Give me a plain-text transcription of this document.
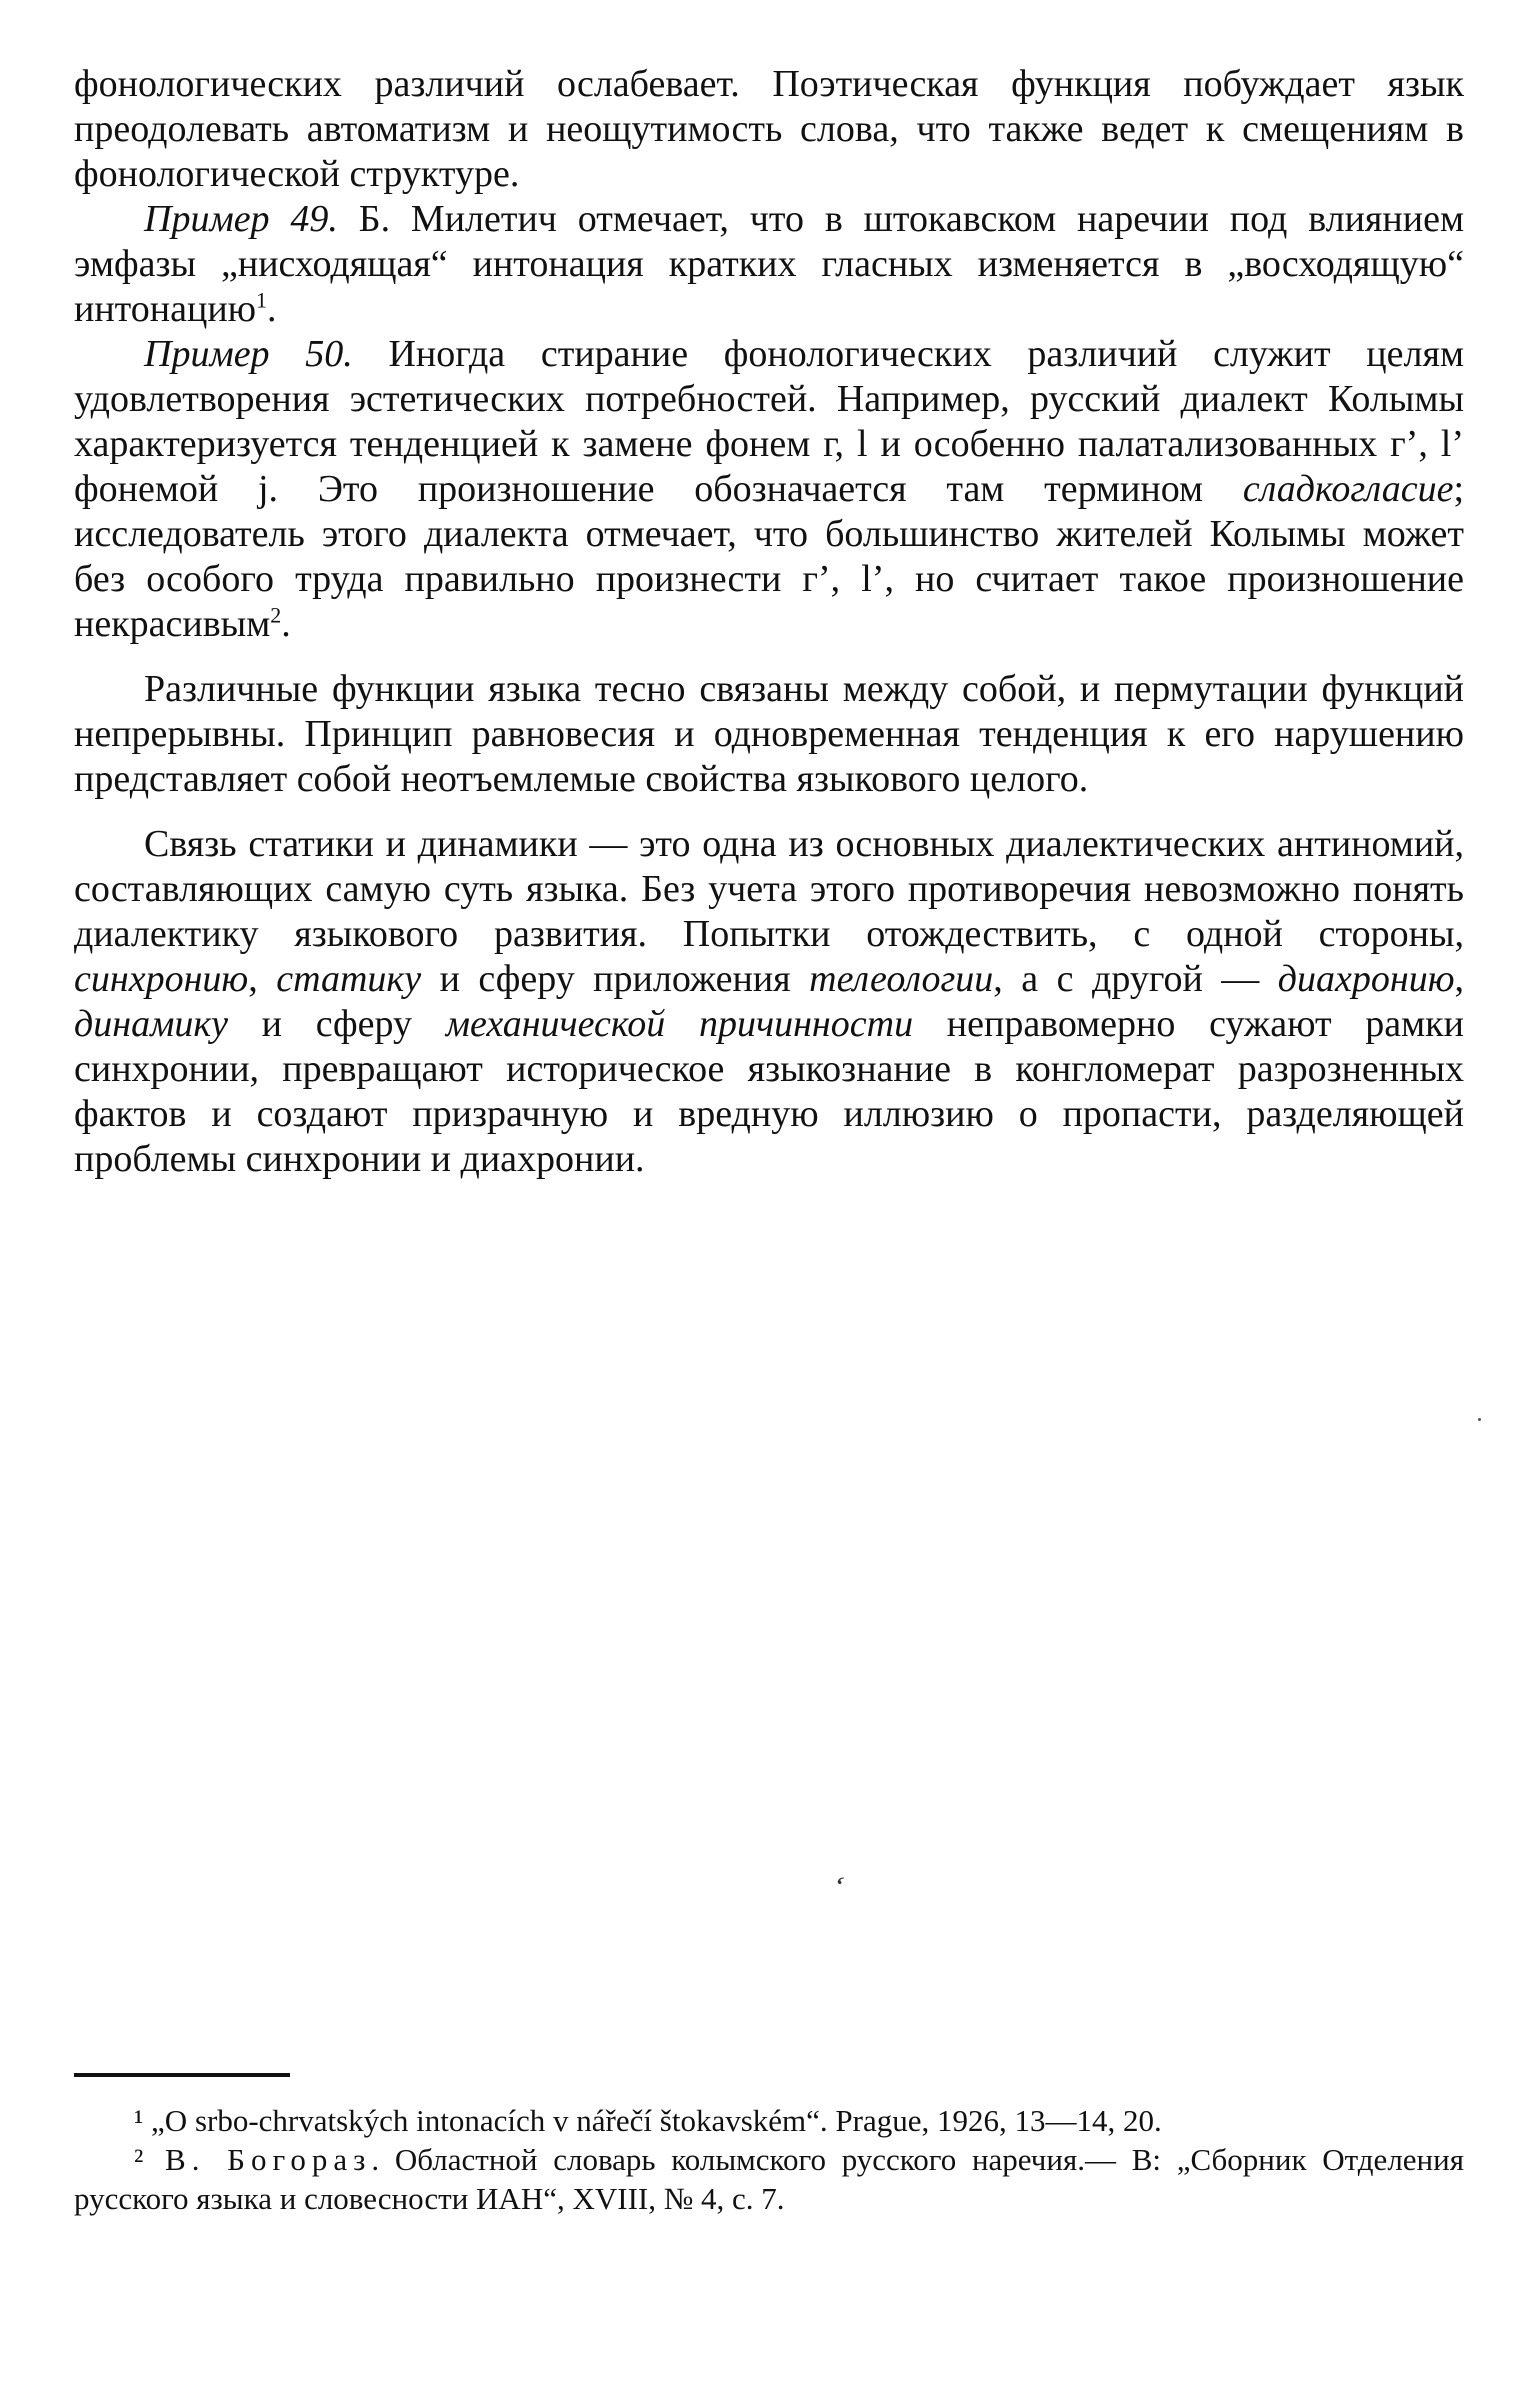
фонологических различий ослабевает. Поэтическая функция побуждает язык преодолевать автоматизм и неощутимость слова, что также ведет к смещениям в фонологической структуре.

Пример 49. Б. Милетич отмечает, что в штокавском наречии под влиянием эмфазы „нисходящая“ интонация кратких гласных изменяется в „восходящую“ интонацию$^1$.

Пример 50. Иногда стирание фонологических различий служит целям удовлетворения эстетических потребностей. Например, русский диалект Колымы характеризуется тенденцией к замене фонем г, l и особенно палатализованных г’, l’ фонемой j. Это произношение обозначается там термином сладкогласие; исследователь этого диалекта отмечает, что большинство жителей Колымы может без особого труда правильно произнести г’, l’, но считает такое произношение некрасивым$^2$.

Различные функции языка тесно связаны между собой, и пермутации функций непрерывны. Принцип равновесия и одновременная тенденция к его нарушению представляет собой неотъемлемые свойства языкового целого.

Связь статики и динамики — это одна из основных диалектических антиномий, составляющих самую суть языка. Без учета этого противоречия невозможно понять диалектику языкового развития. Попытки отождествить, с одной стороны, синхронию, статику и сферу приложения телеологии, а с другой — диахронию, динамику и сферу механической причинности неправомерно сужают рамки синхронии, превращают историческое языкознание в конгломерат разрозненных фактов и создают призрачную и вредную иллюзию о пропасти, разделяющей проблемы синхронии и диахронии.

ʻ

¹ „O srbo-chrvatských intonacích v nářečí štokavském“. Prague, 1926, 13—14, 20.

² В. Богораз. Областной словарь колымского русского наречия.— В: „Сборник Отделения русского языка и словесности ИАН“, XVIII, № 4, с. 7.
